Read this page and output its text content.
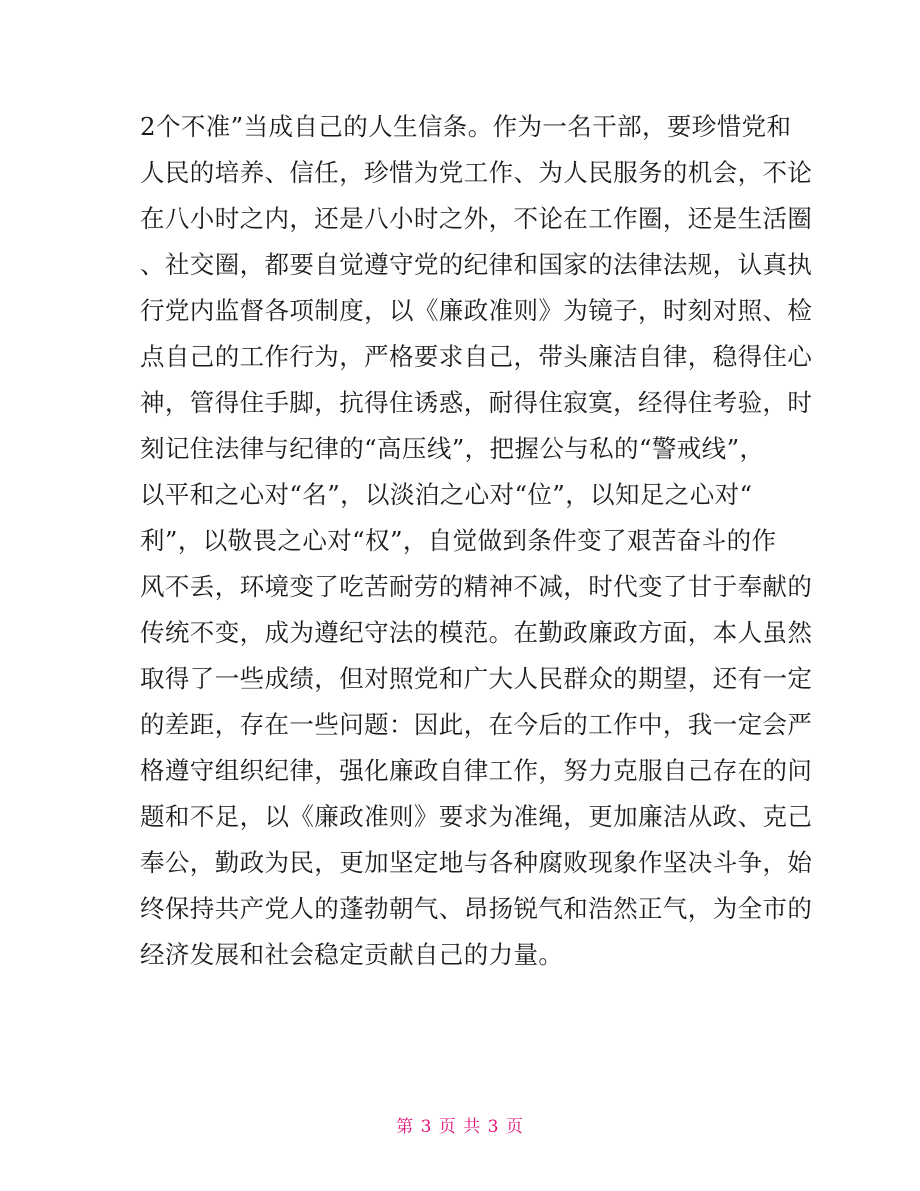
2个不准”当成自己的人生信条。作为一名干部，要珍惜党和
人民的培养、信任，珍惜为党工作、为人民服务的机会，不论
在八小时之内，还是八小时之外，不论在工作圈，还是生活圈
、社交圈，都要自觉遵守党的纪律和国家的法律法规，认真执
行党内监督各项制度，以《廉政准则》为镜子，时刻对照、检
点自己的工作行为，严格要求自己，带头廉洁自律，稳得住心
神，管得住手脚，抗得住诱惑，耐得住寂寞，经得住考验，时
刻记住法律与纪律的“高压线”，把握公与私的“警戒线”，
以平和之心对“名”，以淡泊之心对“位”，以知足之心对“
利”，以敬畏之心对“权”，自觉做到条件变了艰苦奋斗的作
风不丢，环境变了吃苦耐劳的精神不减，时代变了甘于奉献的
传统不变，成为遵纪守法的模范。在勤政廉政方面，本人虽然
取得了一些成绩，但对照党和广大人民群众的期望，还有一定
的差距，存在一些问题：因此，在今后的工作中，我一定会严
格遵守组织纪律，强化廉政自律工作，努力克服自己存在的问
题和不足，以《廉政准则》要求为准绳，更加廉洁从政、克己
奉公，勤政为民，更加坚定地与各种腐败现象作坚决斗争，始
终保持共产党人的蓬勃朝气、昂扬锐气和浩然正气，为全市的
经济发展和社会稳定贡献自己的力量。
第 3 页 共 3 页
